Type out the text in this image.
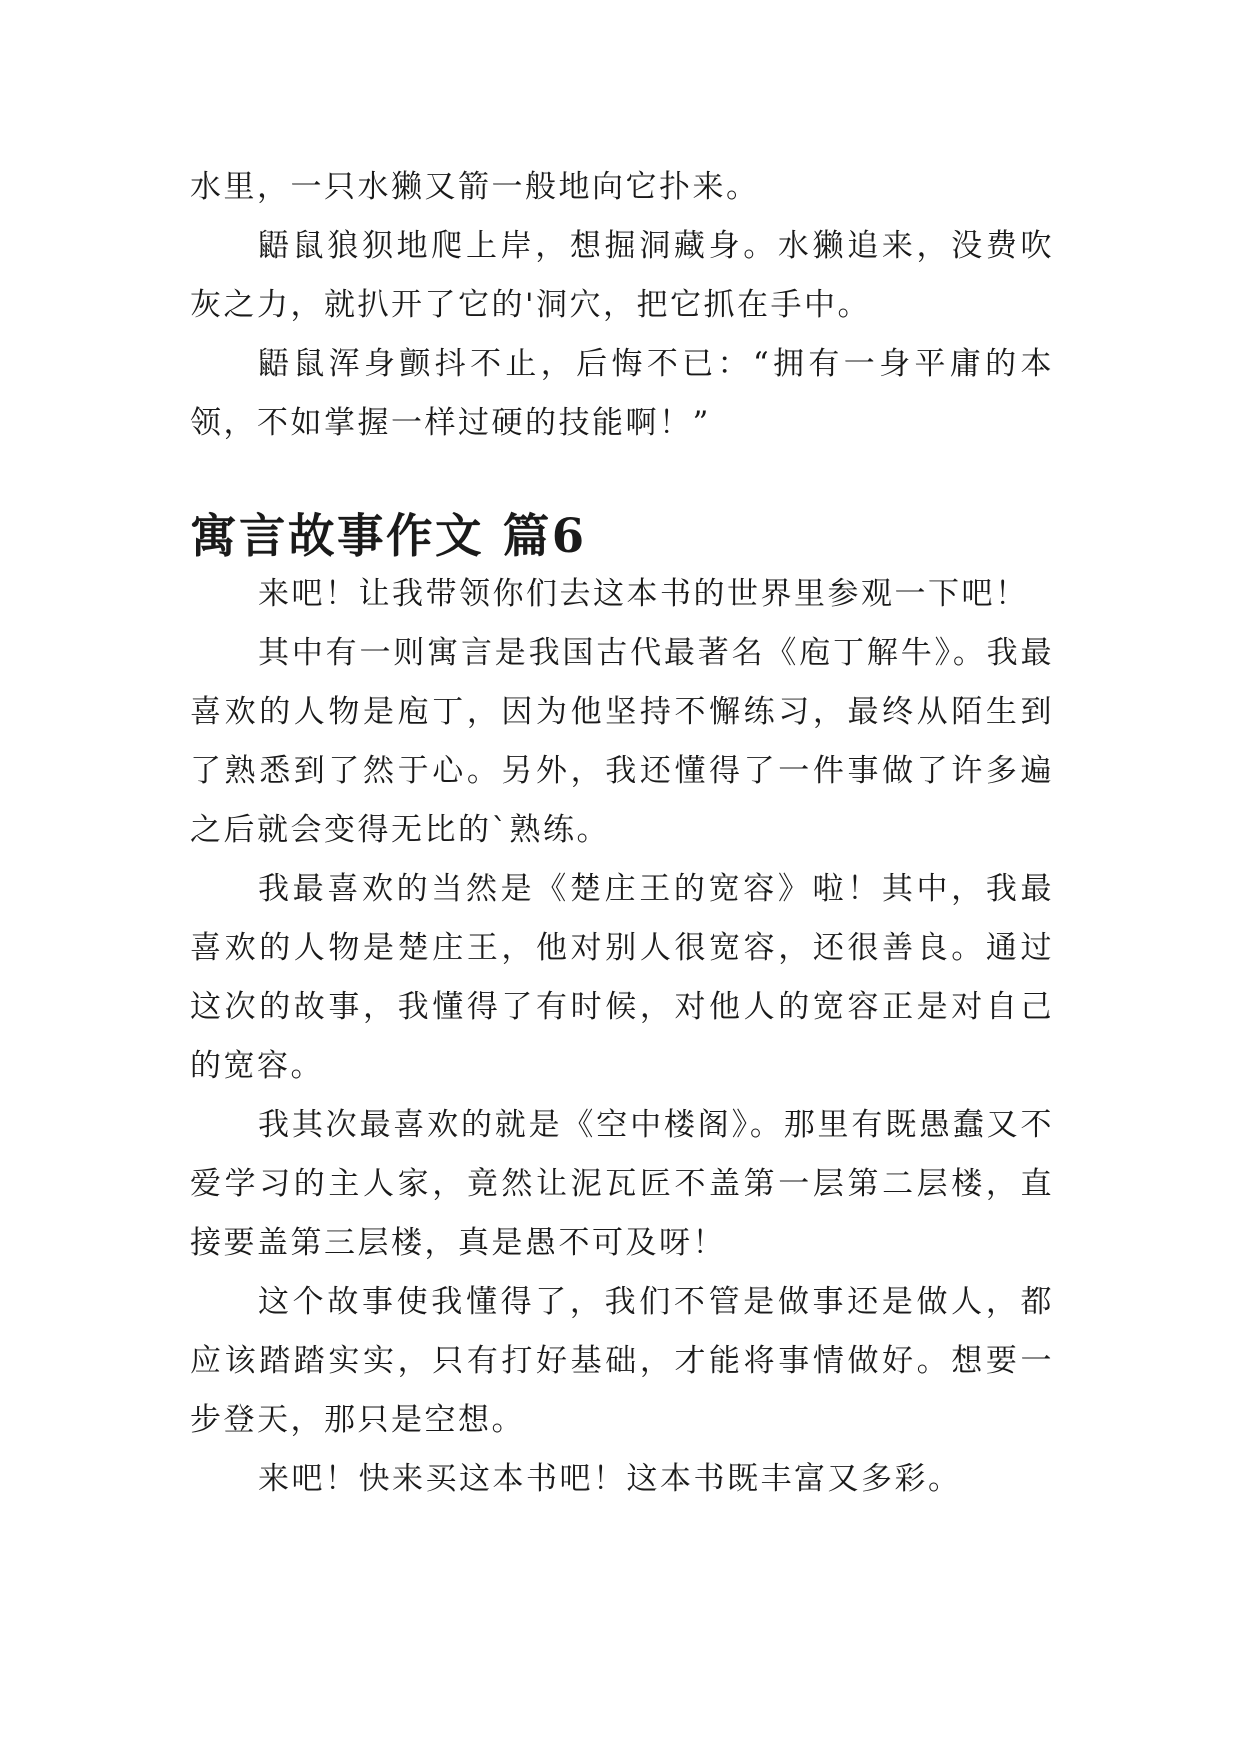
水里，一只水獭又箭一般地向它扑来。

鼯鼠狼狈地爬上岸，想掘洞藏身。水獭追来，没费吹灰之力，就扒开了它的'洞穴，把它抓在手中。

鼯鼠浑身颤抖不止，后悔不已：“拥有一身平庸的本领，不如掌握一样过硬的技能啊！”

寓言故事作文 篇6

来吧！让我带领你们去这本书的世界里参观一下吧！

其中有一则寓言是我国古代最著名《庖丁解牛》。我最喜欢的人物是庖丁，因为他坚持不懈练习，最终从陌生到了熟悉到了然于心。另外，我还懂得了一件事做了许多遍之后就会变得无比的`熟练。

我最喜欢的当然是《楚庄王的宽容》啦！其中，我最喜欢的人物是楚庄王，他对别人很宽容，还很善良。通过这次的故事，我懂得了有时候，对他人的宽容正是对自己的宽容。

我其次最喜欢的就是《空中楼阁》。那里有既愚蠢又不爱学习的主人家，竟然让泥瓦匠不盖第一层第二层楼，直接要盖第三层楼，真是愚不可及呀！

这个故事使我懂得了，我们不管是做事还是做人，都应该踏踏实实，只有打好基础，才能将事情做好。想要一步登天，那只是空想。

来吧！快来买这本书吧！这本书既丰富又多彩。
